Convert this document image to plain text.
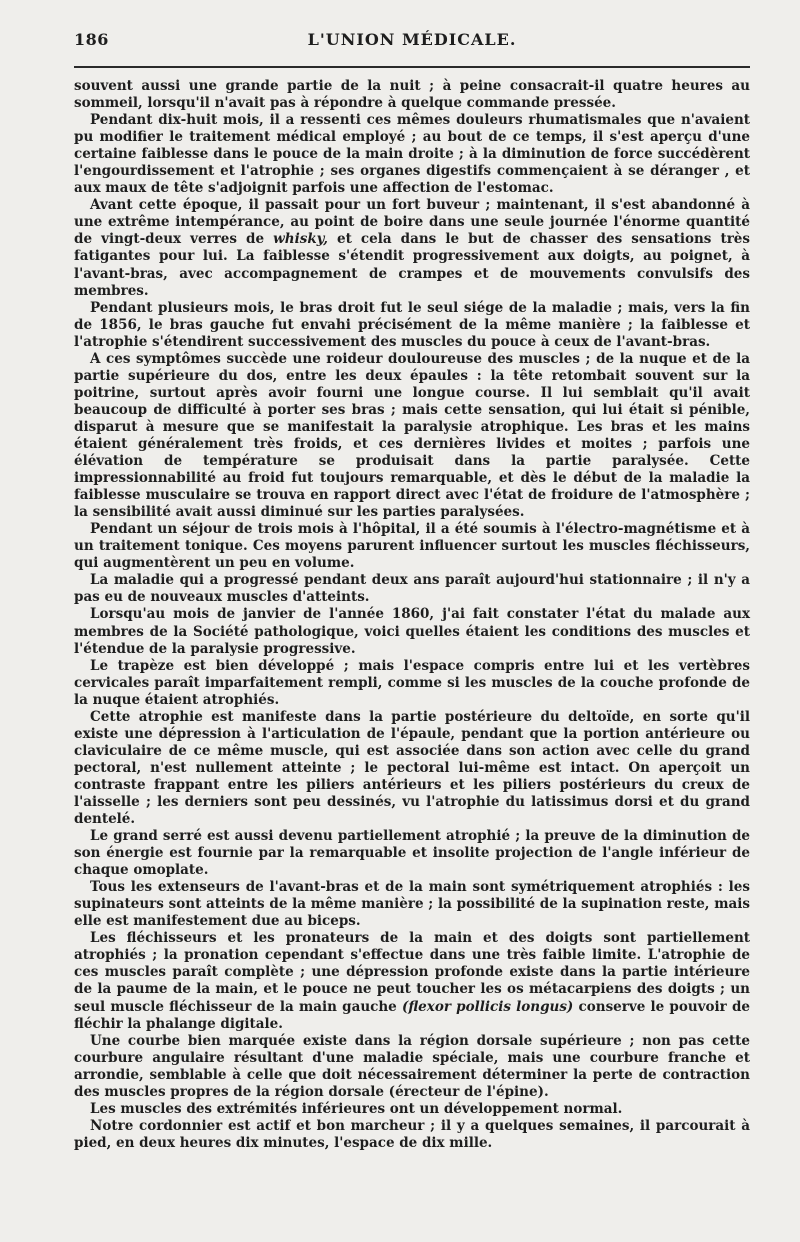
186	L'UNION MÉDICALE.

souvent aussi une grande partie de la nuit ; à peine consacrait-il quatre heures au sommeil, lorsqu'il n'avait pas à répondre à quelque commande pressée.

Pendant dix-huit mois, il a ressenti ces mêmes douleurs rhumatismales que n'avaient pu modifier le traitement médical employé ; au bout de ce temps, il s'est aperçu d'une certaine faiblesse dans le pouce de la main droite ; à la diminution de force succédèrent l'engourdissement et l'atrophie ; ses organes digestifs commençaient à se déranger , et aux maux de tête s'adjoignit parfois une affection de l'estomac.

Avant cette époque, il passait pour un fort buveur ; maintenant, il s'est abandonné à une extrême intempérance, au point de boire dans une seule journée l'énorme quantité de vingt-deux verres de whisky, et cela dans le but de chasser des sensations très fatigantes pour lui. La faiblesse s'étendit progressivement aux doigts, au poignet, à l'avant-bras, avec accompagnement de crampes et de mouvements convulsifs des membres.

Pendant plusieurs mois, le bras droit fut le seul siége de la maladie ; mais, vers la fin de 1856, le bras gauche fut envahi précisément de la même manière ; la faiblesse et l'atrophie s'étendirent successivement des muscles du pouce à ceux de l'avant-bras.

A ces symptômes succède une roideur douloureuse des muscles ; de la nuque et de la partie supérieure du dos, entre les deux épaules : la tête retombait souvent sur la poitrine, surtout après avoir fourni une longue course. Il lui semblait qu'il avait beaucoup de difficulté à porter ses bras ; mais cette sensation, qui lui était si pénible, disparut à mesure que se manifestait la paralysie atrophique. Les bras et les mains étaient généralement très froids, et ces dernières livides et moites ; parfois une élévation de température se produisait dans la partie paralysée. Cette impressionnabilité au froid fut toujours remarquable, et dès le début de la maladie la faiblesse musculaire se trouva en rapport direct avec l'état de froidure de l'atmosphère ; la sensibilité avait aussi diminué sur les parties paralysées.

Pendant un séjour de trois mois à l'hôpital, il a été soumis à l'électro-magnétisme et à un traitement tonique. Ces moyens parurent influencer surtout les muscles fléchisseurs, qui augmentèrent un peu en volume.

La maladie qui a progressé pendant deux ans paraît aujourd'hui stationnaire ; il n'y a pas eu de nouveaux muscles d'atteints.

Lorsqu'au mois de janvier de l'année 1860, j'ai fait constater l'état du malade aux membres de la Société pathologique, voici quelles étaient les conditions des muscles et l'étendue de la paralysie progressive.

Le trapèze est bien développé ; mais l'espace compris entre lui et les vertèbres cervicales paraît imparfaitement rempli, comme si les muscles de la couche profonde de la nuque étaient atrophiés.

Cette atrophie est manifeste dans la partie postérieure du deltoïde, en sorte qu'il existe une dépression à l'articulation de l'épaule, pendant que la portion antérieure ou claviculaire de ce même muscle, qui est associée dans son action avec celle du grand pectoral, n'est nullement atteinte ; le pectoral lui-même est intact. On aperçoit un contraste frappant entre les piliers antérieurs et les piliers postérieurs du creux de l'aisselle ; les derniers sont peu dessinés, vu l'atrophie du latissimus dorsi et du grand dentelé.

Le grand serré est aussi devenu partiellement atrophié ; la preuve de la diminution de son énergie est fournie par la remarquable et insolite projection de l'angle inférieur de chaque omoplate.

Tous les extenseurs de l'avant-bras et de la main sont symétriquement atrophiés : les supinateurs sont atteints de la même manière ; la possibilité de la supination reste, mais elle est manifestement due au biceps.

Les fléchisseurs et les pronateurs de la main et des doigts sont partiellement atrophiés ; la pronation cependant s'effectue dans une très faible limite. L'atrophie de ces muscles paraît complète ; une dépression profonde existe dans la partie intérieure de la paume de la main, et le pouce ne peut toucher les os métacarpiens des doigts ; un seul muscle fléchisseur de la main gauche (flexor pollicis longus) conserve le pouvoir de fléchir la phalange digitale.

Une courbe bien marquée existe dans la région dorsale supérieure ; non pas cette courbure angulaire résultant d'une maladie spéciale, mais une courbure franche et arrondie, semblable à celle que doit nécessairement déterminer la perte de contraction des muscles propres de la région dorsale (érecteur de l'épine).

Les muscles des extrémités inférieures ont un développement normal.

Notre cordonnier est actif et bon marcheur ; il y a quelques semaines, il parcourait à pied, en deux heures dix minutes, l'espace de dix mille.
